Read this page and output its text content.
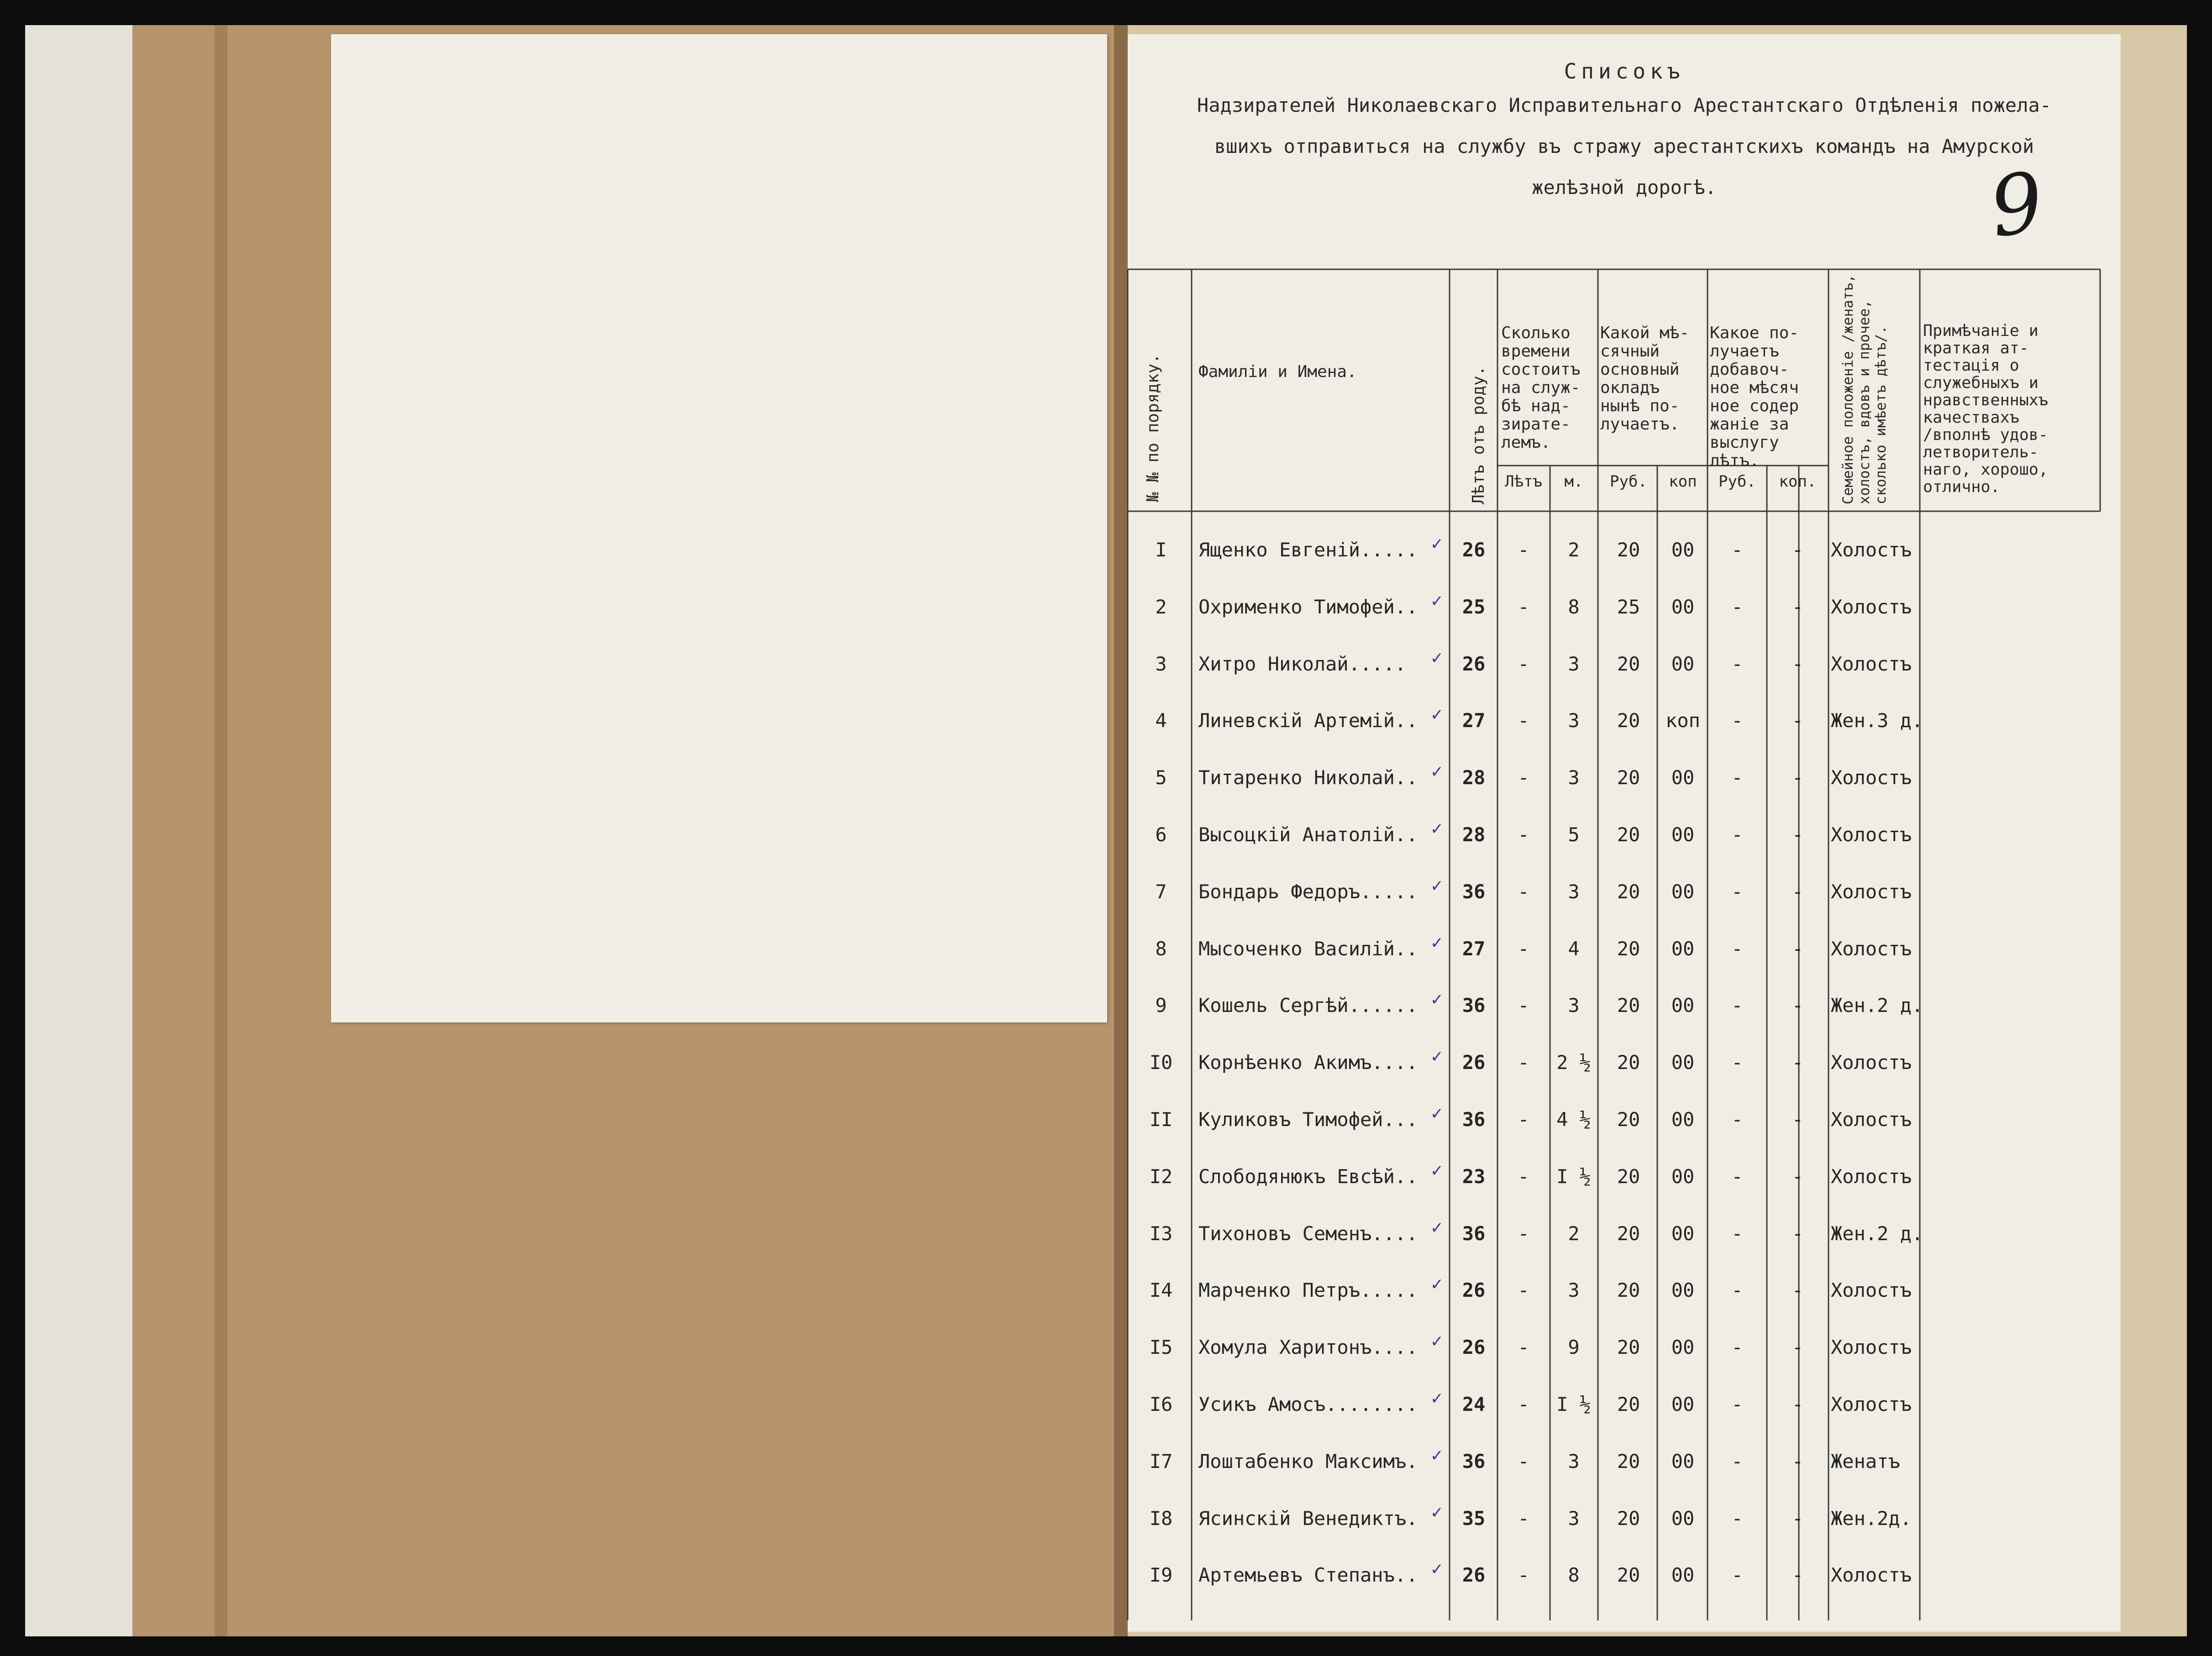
Списокъ
Надзирателей Николаевскаго Исправительнаго Арестантскаго Отдѣленія пожела-
вшихъ отправиться на службу въ стражу арестантскихъ командъ на Амурской
желѣзной дорогѣ.	9
№ № по порядку. Фамиліи и Имена.	Лѣтъ отъ роду.

Сколько
времени
состоитъ
на служ-
бѣ над-
зирате-
лемъ.

Какой мѣ-
сячный
основный
окладъ
нынѣ по-
лучаетъ.

Какое по-
лучаетъ
добавоч-
ное мѣсяч
ное содер
жаніе за
выслугу
лѣтъ.	Семейное положеніе /женатъ, холостъ, вдовъ и прочее, сколько имѣетъ дѣтъ/.

Примѣчаніе и
краткая ат-
тестація о
служебныхъ и
нравственныхъ
качествахъ
/вполнѣ удов-
летворитель-
наго, хорошо,
отлично.

Лѣтъ	м.	Руб.	коп	Руб.	коп.
I	Ященко Евгеній.....	26	-	2	20	00	-	-	Холостъ
✓
2	Охрименко Тимофей..	25	-	8	25	00	-	-	Холостъ
✓
3	Хитро Николай.....	26	-	3	20	00	-	-	Холостъ
✓
4	Линевскій Артемій..	27	-	3	20	коп	-	-	Жен.3 д.
✓
5	Титаренко Николай..	28	-	3	20	00	-	-	Холостъ
✓
6	Высоцкій Анатолій..	28	-	5	20	00	-	-	Холостъ
✓
7	Бондарь Федоръ.....	36	-	3	20	00	-	-	Холостъ
✓
8	Мысоченко Василій..	27	-	4	20	00	-	-	Холостъ
✓
9	Кошель Сергѣй......	36	-	3	20	00	-	-	Жен.2 д.
✓
I0	Корнѣенко Акимъ....	26	-	2 ½	20	00	-	-	Холостъ
✓
II	Куликовъ Тимофей...	36	-	4 ½	20	00	-	-	Холостъ
✓
I2	Слободянюкъ Евсѣй..	23	-	I ½	20	00	-	-	Холостъ
✓
I3	Тихоновъ Семенъ....	36	-	2	20	00	-	-	Жен.2 д.
✓
I4	Марченко Петръ.....	26	-	3	20	00	-	-	Холостъ
✓
I5	Хомула Харитонъ....	26	-	9	20	00	-	-	Холостъ
✓
I6	Усикъ Амосъ........	24	-	I ½	20	00	-	-	Холостъ
✓
I7	Лоштабенко Максимъ.	36	-	3	20	00	-	-	Женатъ
✓
I8	Ясинскій Венедиктъ.	35	-	3	20	00	-	-	Жен.2д.
✓
I9	Артемьевъ Степанъ..	26	-	8	20	00	-	-	Холостъ
✓
